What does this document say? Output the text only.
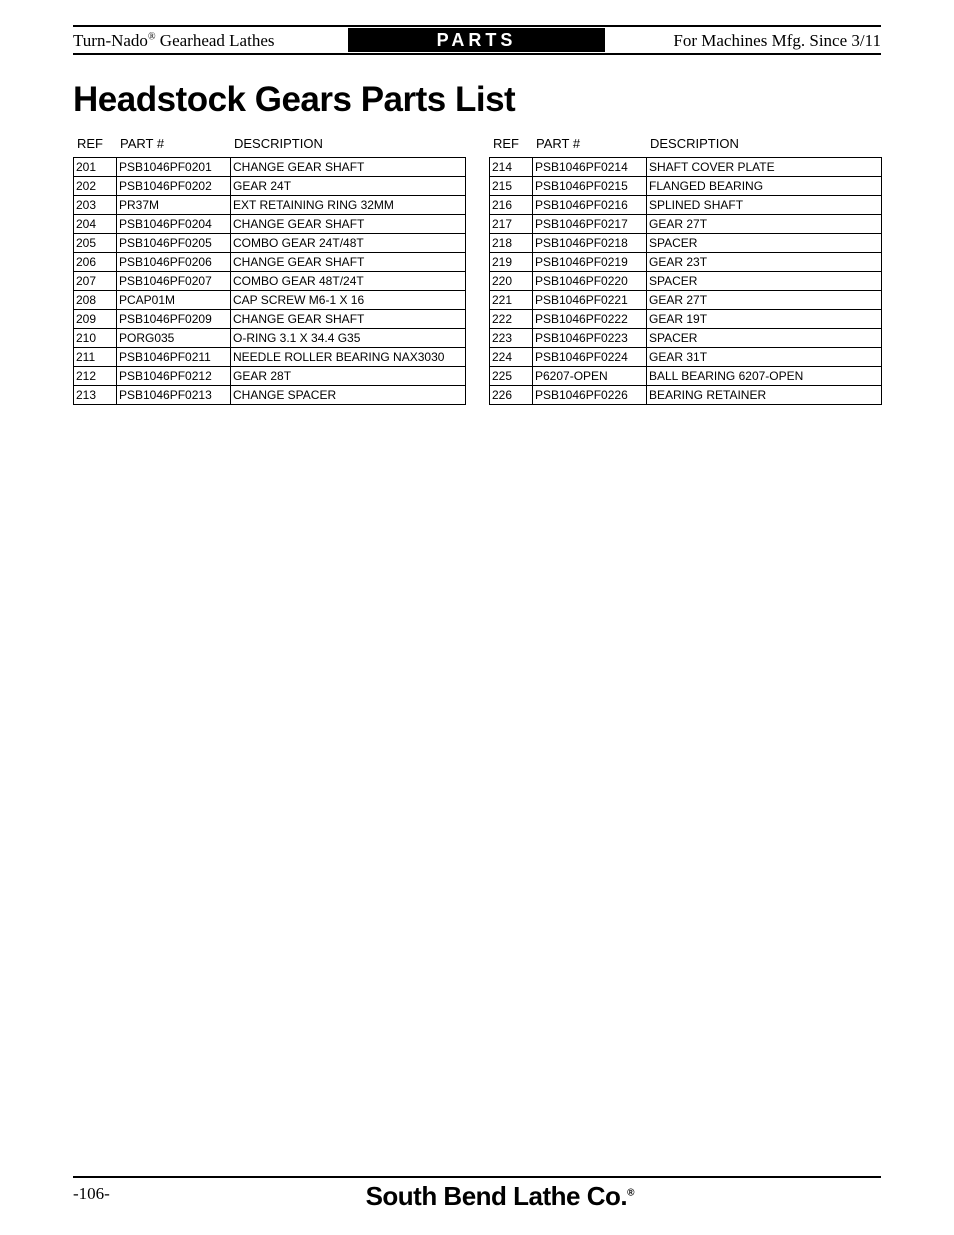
Turn-Nado® Gearhead Lathes	PARTS	For Machines Mfg. Since 3/11
Headstock Gears Parts List
REF PART #	DESCRIPTION
201	PSB1046PF0201	CHANGE GEAR SHAFT
202	PSB1046PF0202	GEAR 24T
203	PR37M	EXT RETAINING RING 32MM
204	PSB1046PF0204	CHANGE GEAR SHAFT
205	PSB1046PF0205	COMBO GEAR 24T/48T
206	PSB1046PF0206	CHANGE GEAR SHAFT
207	PSB1046PF0207	COMBO GEAR 48T/24T
208	PCAP01M	CAP SCREW M6-1 X 16
209	PSB1046PF0209	CHANGE GEAR SHAFT
210	PORG035	O-RING 3.1 X 34.4 G35
211	PSB1046PF0211	NEEDLE ROLLER BEARING NAX3030
212	PSB1046PF0212	GEAR 28T
213	PSB1046PF0213	CHANGE SPACER
REF PART #	DESCRIPTION
214	PSB1046PF0214	SHAFT COVER PLATE
215	PSB1046PF0215	FLANGED BEARING
216	PSB1046PF0216	SPLINED SHAFT
217	PSB1046PF0217	GEAR 27T
218	PSB1046PF0218	SPACER
219	PSB1046PF0219	GEAR 23T
220	PSB1046PF0220	SPACER
221	PSB1046PF0221	GEAR 27T
222	PSB1046PF0222	GEAR 19T
223	PSB1046PF0223	SPACER
224	PSB1046PF0224	GEAR 31T
225	P6207-OPEN	BALL BEARING 6207-OPEN
226	PSB1046PF0226	BEARING RETAINER
-106-	South Bend Lathe Co.®
